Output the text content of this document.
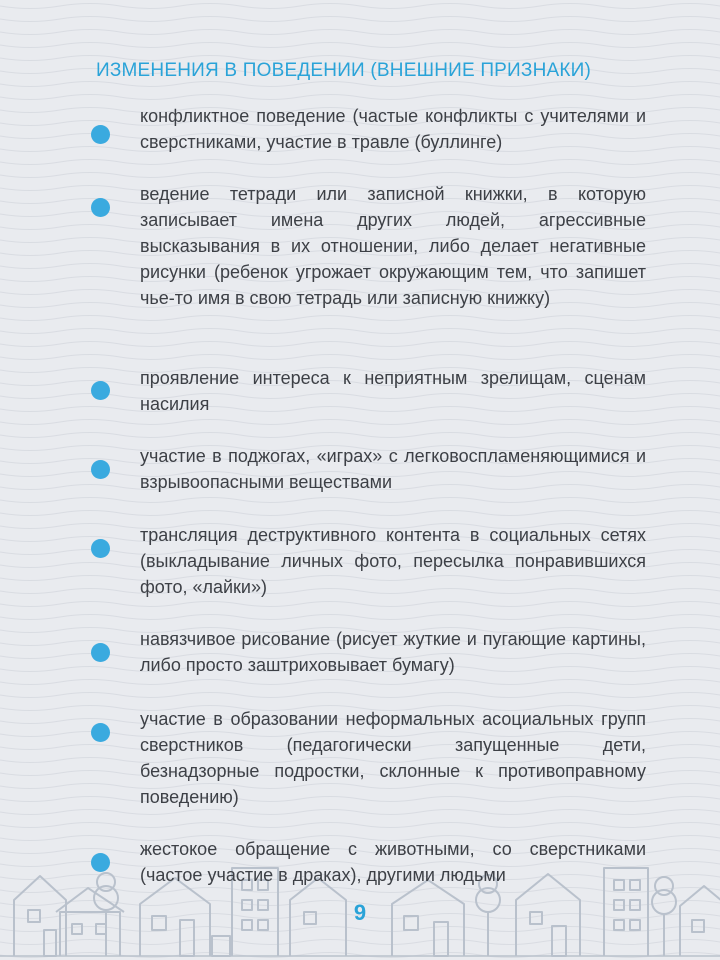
ИЗМЕНЕНИЯ В ПОВЕДЕНИИ (ВНЕШНИЕ ПРИЗНАКИ)
конфликтное поведение (частые конфликты с учителями и сверстниками, участие в травле (буллинге)
ведение тетради или записной книжки, в которую записывает имена других людей, агрессивные высказывания в их отношении, либо делает негативные рисунки (ребенок угрожает окружающим тем, что запишет чье-то имя в свою тетрадь или записную книжку)
проявление интереса к неприятным зрелищам, сценам насилия
участие в поджогах, «играх» с легковоспламеняющимися и взрывоопасными веществами
трансляция деструктивного контента в социальных сетях (выкладывание личных фото, пересылка понравившихся фото, «лайки»)
навязчивое рисование (рисует жуткие и пугающие картины, либо просто заштриховывает бумагу)
участие в образовании неформальных асоциальных групп сверстников (педагогически запущенные дети, безнадзорные подростки, склонные к противоправному поведению)
жестокое обращение с животными, со сверстниками (частое участие в драках), другими людьми
9
